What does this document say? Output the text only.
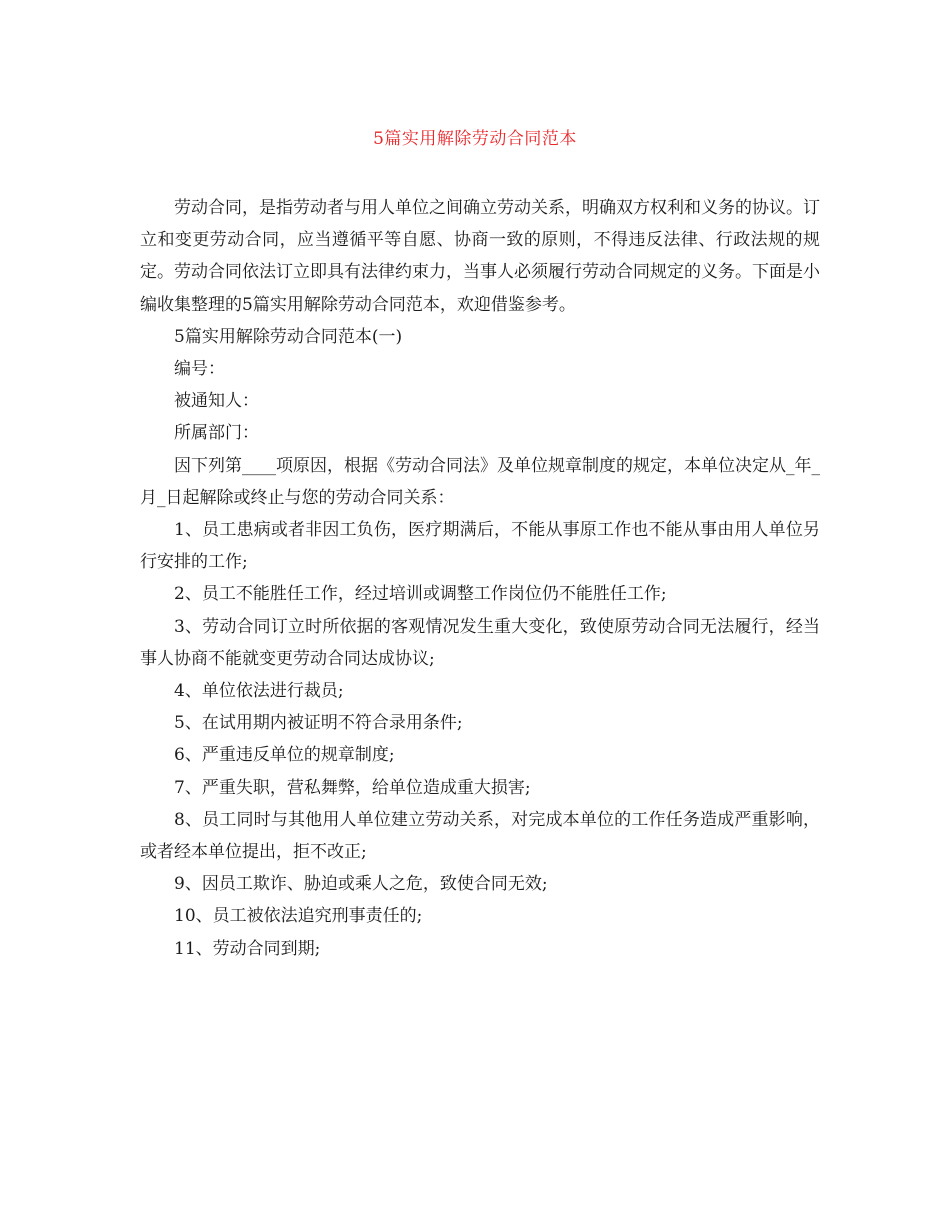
5篇实用解除劳动合同范本

劳动合同，是指劳动者与用人单位之间确立劳动关系，明确双方权利和义务的协议。订立和变更劳动合同，应当遵循平等自愿、协商一致的原则，不得违反法律、行政法规的规定。劳动合同依法订立即具有法律约束力，当事人必须履行劳动合同规定的义务。下面是小编收集整理的5篇实用解除劳动合同范本，欢迎借鉴参考。

5篇实用解除劳动合同范本(一)

编号：

被通知人：

所属部门：

因下列第____项原因，根据《劳动合同法》及单位规章制度的规定，本单位决定从_年_月_日起解除或终止与您的劳动合同关系：

1、员工患病或者非因工负伤，医疗期满后，不能从事原工作也不能从事由用人单位另行安排的工作;

2、员工不能胜任工作，经过培训或调整工作岗位仍不能胜任工作;

3、劳动合同订立时所依据的客观情况发生重大变化，致使原劳动合同无法履行，经当事人协商不能就变更劳动合同达成协议;

4、单位依法进行裁员;

5、在试用期内被证明不符合录用条件;

6、严重违反单位的规章制度;

7、严重失职，营私舞弊，给单位造成重大损害;

8、员工同时与其他用人单位建立劳动关系，对完成本单位的工作任务造成严重影响，或者经本单位提出，拒不改正;

9、因员工欺诈、胁迫或乘人之危，致使合同无效;

10、员工被依法追究刑事责任的;

11、劳动合同到期;
